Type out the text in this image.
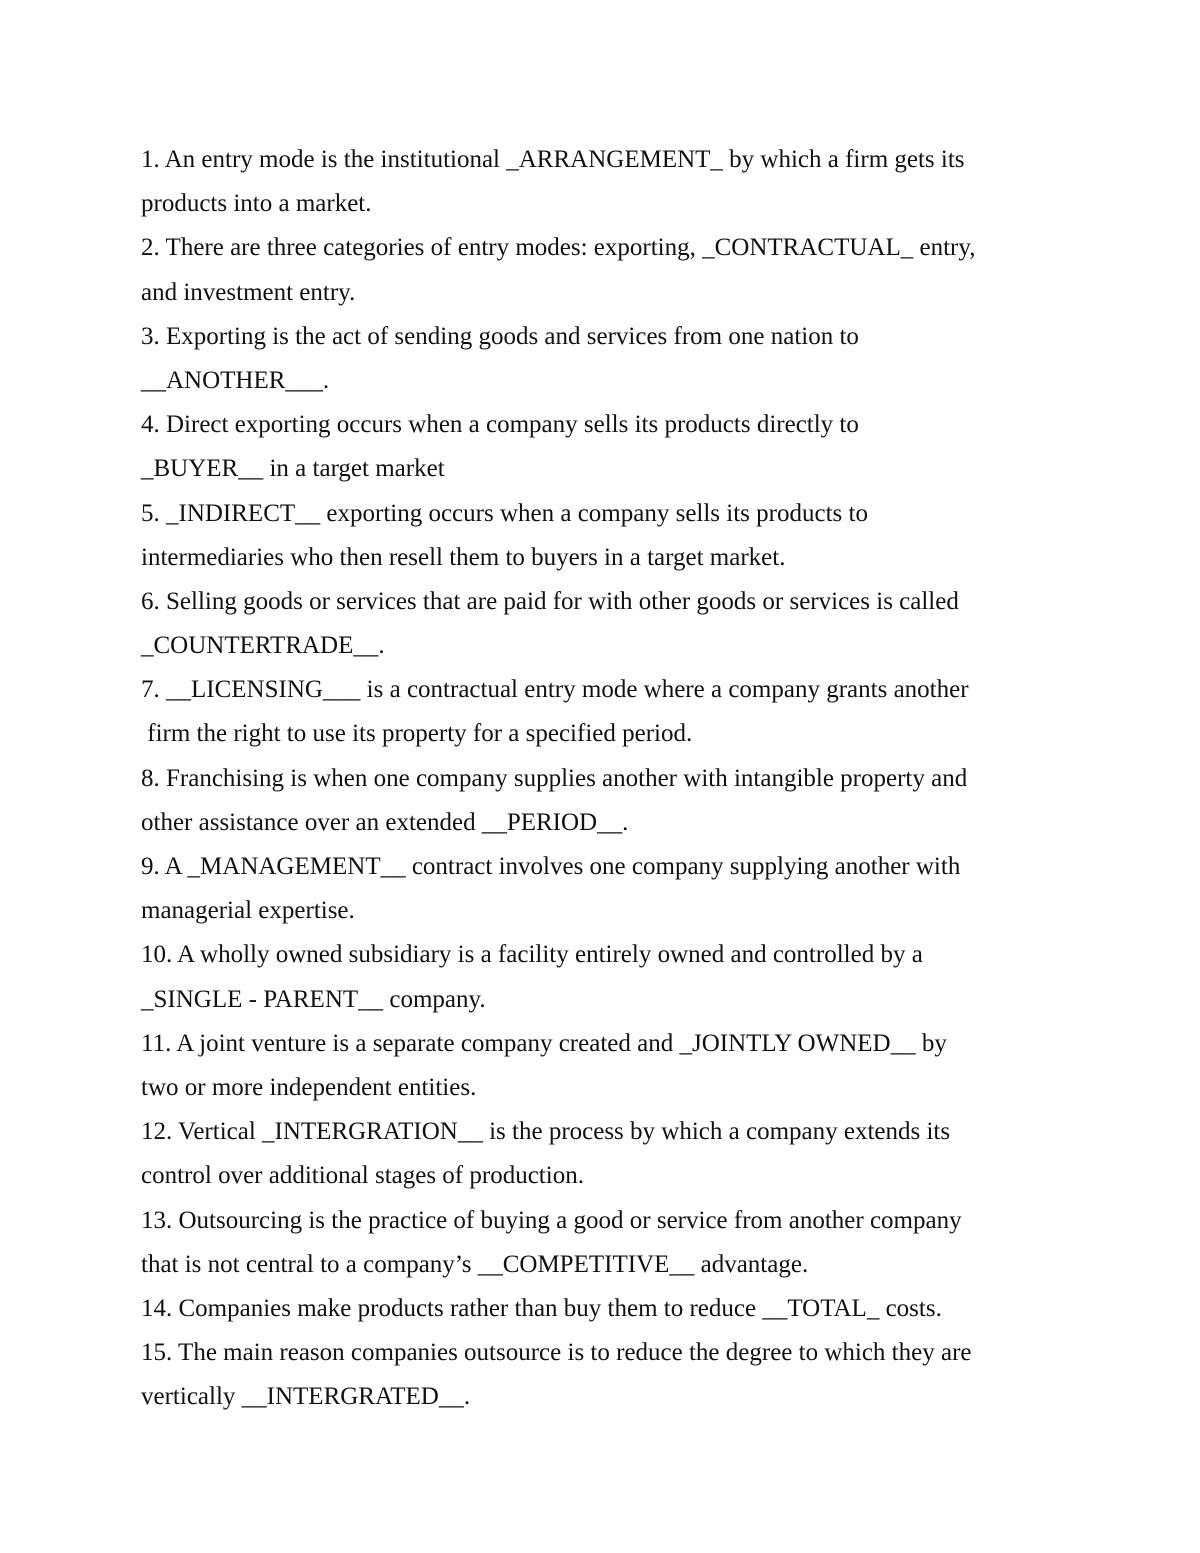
1. An entry mode is the institutional _ARRANGEMENT_ by which a firm gets its

products into a market.

2. There are three categories of entry modes: exporting, _CONTRACTUAL_ entry,

and investment entry.

3. Exporting is the act of sending goods and services from one nation to

__ANOTHER___.

4. Direct exporting occurs when a company sells its products directly to

_BUYER__ in a target market

5. _INDIRECT__ exporting occurs when a company sells its products to

intermediaries who then resell them to buyers in a target market.

6. Selling goods or services that are paid for with other goods or services is called

_COUNTERTRADE__.

7. __LICENSING___ is a contractual entry mode where a company grants another

firm the right to use its property for a specified period.

8. Franchising is when one company supplies another with intangible property and

other assistance over an extended __PERIOD__.

9. A _MANAGEMENT__ contract involves one company supplying another with

managerial expertise.

10. A wholly owned subsidiary is a facility entirely owned and controlled by a

_SINGLE - PARENT__ company.

11. A joint venture is a separate company created and _JOINTLY OWNED__ by

two or more independent entities.

12. Vertical _INTERGRATION__ is the process by which a company extends its

control over additional stages of production.

13. Outsourcing is the practice of buying a good or service from another company

that is not central to a company’s __COMPETITIVE__ advantage.

14. Companies make products rather than buy them to reduce __TOTAL_ costs.

15. The main reason companies outsource is to reduce the degree to which they are

vertically __INTERGRATED__.
